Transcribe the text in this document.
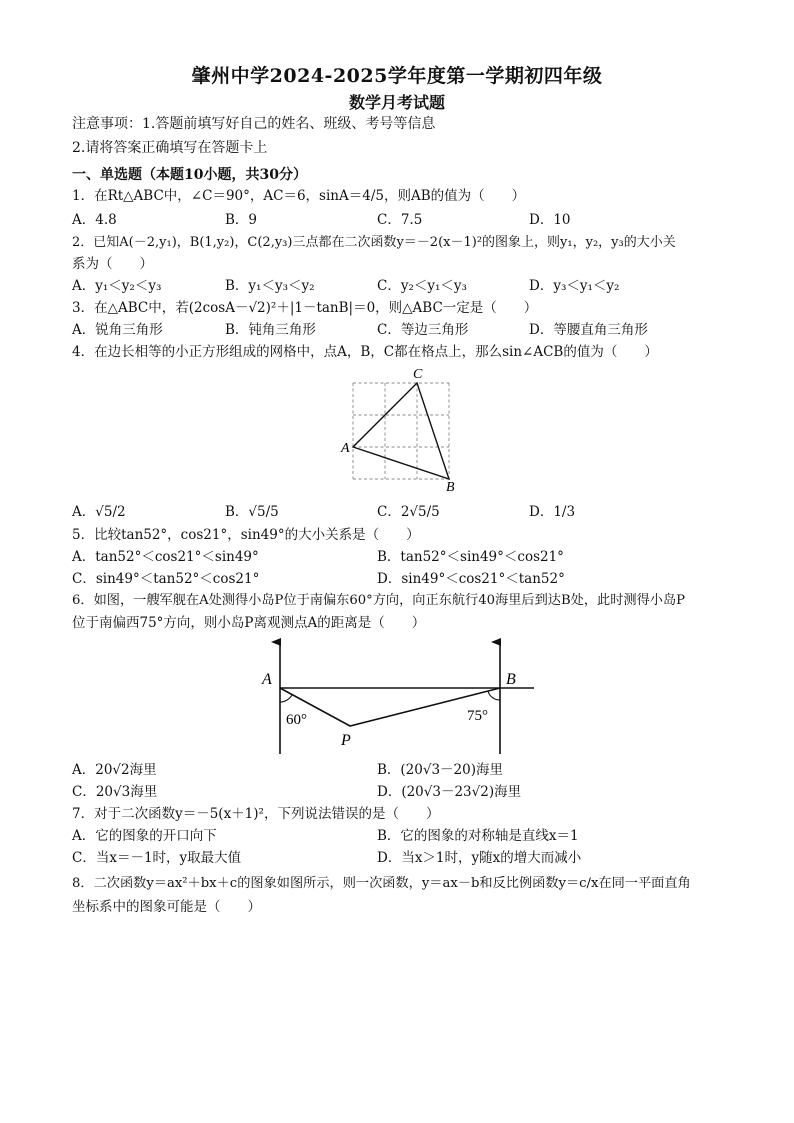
肇州中学2024-2025学年度第一学期初四年级
数学月考试题
注意事项：1.答题前填写好自己的姓名、班级、考号等信息
2.请将答案正确填写在答题卡上
一、单选题（本题10小题，共30分）
1．在Rt△ABC中，∠C＝90°，AC＝6，sinA＝4/5，则AB的值为（　　）
A．4.8	B．9	C．7.5	D．10
2．已知A(－2,y₁)，B(1,y₂)，C(2,y₃)三点都在二次函数y＝－2(x－1)²的图象上，则y₁，y₂，y₃的大小关
系为（　　）
A．y₁＜y₂＜y₃	B．y₁＜y₃＜y₂	C．y₂＜y₁＜y₃	D．y₃＜y₁＜y₂
3．在△ABC中，若(2cosA－√2)²＋|1－tanB|＝0，则△ABC一定是（　　）
A．锐角三角形	B．钝角三角形	C．等边三角形	D．等腰直角三角形
4．在边长相等的小正方形组成的网格中，点A，B，C都在格点上，那么sin∠ACB的值为（　　）
C
A
B
A．√5/2	B．√5/5	C．2√5/5	D．1/3
5．比较tan52°，cos21°，sin49°的大小关系是（　　）
A．tan52°＜cos21°＜sin49°	B．tan52°＜sin49°＜cos21°
C．sin49°＜tan52°＜cos21°	D．sin49°＜cos21°＜tan52°
6．如图，一艘军舰在A处测得小岛P位于南偏东60°方向，向正东航行40海里后到达B处，此时测得小岛P
位于南偏西75°方向，则小岛P离观测点A的距离是（　　）
A	B
60°	75°
P
A．20√2海里	B．(20√3－20)海里
C．20√3海里	D．(20√3－23√2)海里
7．对于二次函数y＝－5(x＋1)²，下列说法错误的是（　　）
A．它的图象的开口向下	B．它的图象的对称轴是直线x＝1
C．当x＝－1时，y取最大值	D．当x＞1时，y随x的增大而减小
8．二次函数y＝ax²＋bx＋c的图象如图所示，则一次函数，y＝ax－b和反比例函数y＝c/x在同一平面直角
坐标系中的图象可能是（　　）
